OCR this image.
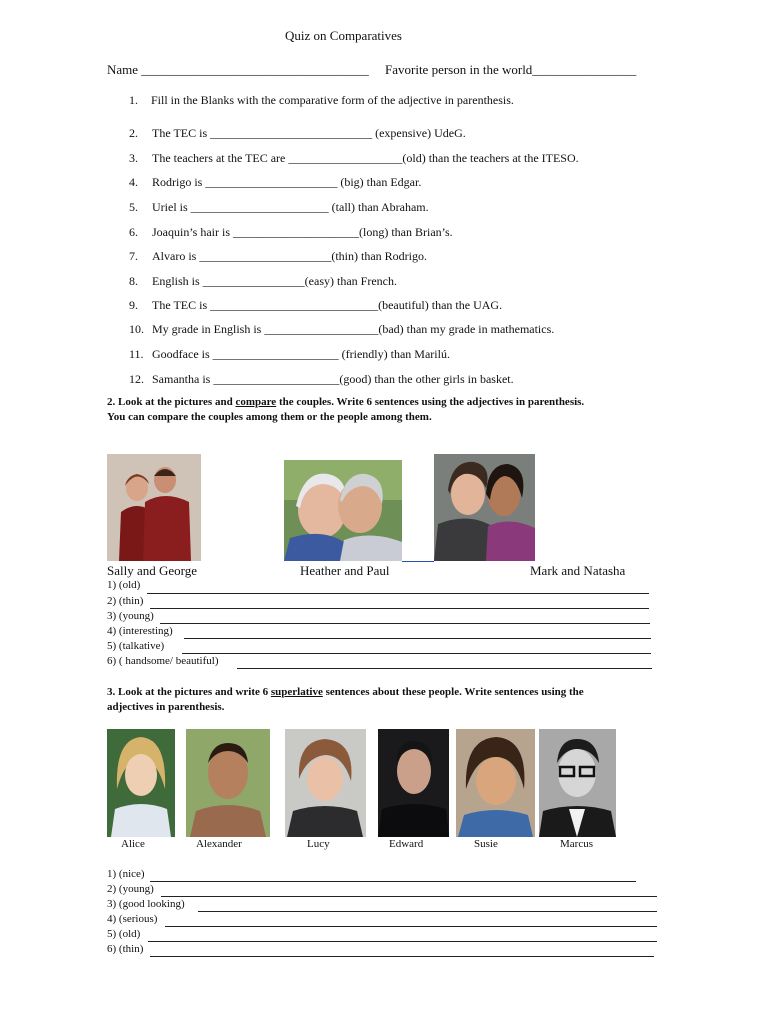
Quiz on Comparatives
Name ___________________________________ Favorite person in the world________________
1. Fill in the Blanks with the comparative form of the adjective in parenthesis.
2. The TEC is ___________________________ (expensive) UdeG.
3. The teachers at the TEC are ___________________(old) than the teachers at the ITESO.
4. Rodrigo is ______________________ (big) than Edgar.
5. Uriel is _______________________ (tall) than Abraham.
6. Joaquin’s hair is _____________________(long) than Brian’s.
7. Alvaro is ______________________(thin) than Rodrigo.
8. English is _________________(easy) than French.
9. The TEC is ____________________________(beautiful) than the UAG.
10. My grade in English is ___________________(bad) than my grade in mathematics.
11. Goodface is _____________________ (friendly) than Marilú.
12. Samantha is _____________________(good) than the other girls in basket.
2. Look at the pictures and compare the couples. Write 6 sentences using the adjectives in parenthesis.
You can compare the couples among them or the people among them.
Sally and George	Heather and Paul	Mark and Natasha
1) (old)
2) (thin)
3) (young)
4) (interesting)
5) (talkative)
6) ( handsome/ beautiful)
3. Look at the pictures and write 6 superlative sentences about these people. Write sentences using the
adjectives in parenthesis.
Alice	Alexander	Lucy	Edward	Susie	Marcus
1) (nice)
2) (young)
3) (good looking)
4) (serious)
5) (old)
6) (thin)
